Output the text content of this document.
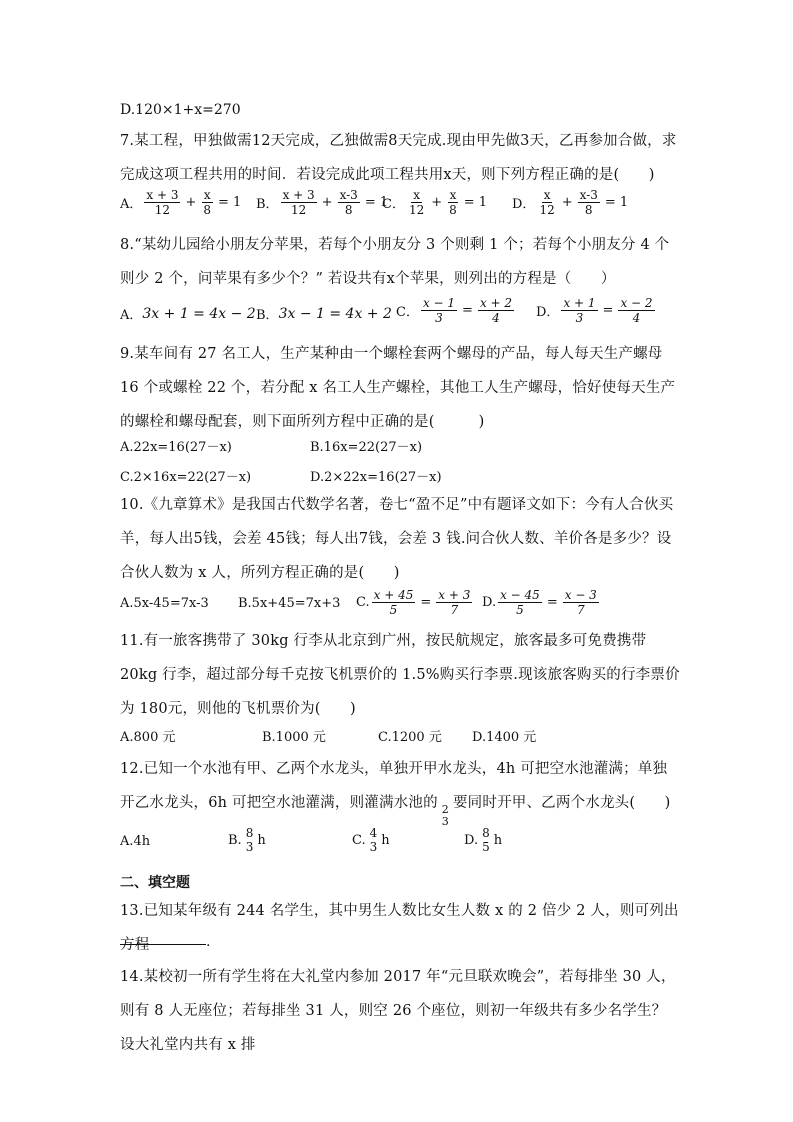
D.120×1+x=270
7.某工程，甲独做需12天完成，乙独做需8天完成.现由甲先做3天，乙再参加合做，求完成这项工程共用的时间．若设完成此项工程共用x天，则下列方程正确的是(　　)
A． $\frac{x + 3}{12} + \frac{x}{8} = 1$ B． $\frac{x + 3}{12} + \frac{x-3}{8} = 1$
C． $\frac{x}{12} + \frac{x}{8} = 1$ D． $\frac{x}{12} + \frac{x-3}{8} = 1$
8.“某幼儿园给小朋友分苹果，若每个小朋友分 3 个则剩 1 个；若每个小朋友分 4 个则少 2 个，问苹果有多少个？” 若设共有x个苹果，则列出的方程是（　　）
A． 3x + 1 = 4x − 2 B． 3x − 1 = 4x + 2 C． $\frac{x - 1}{3} = \frac{x + 2}{4}$ D． $\frac{x + 1}{3} = \frac{x - 2}{4}$
9.某车间有 27 名工人，生产某种由一个螺栓套两个螺母的产品，每人每天生产螺母 16 个或螺栓 22 个，若分配 x 名工人生产螺栓，其他工人生产螺母，恰好使每天生产的螺栓和螺母配套，则下面所列方程中正确的是(　　　)
A.22x=16(27－x)	B.16x=22(27－x)
C.2×16x=22(27－x)	D.2×22x=16(27－x)
10.《九章算术》是我国古代数学名著，卷七“盈不足”中有题译文如下：今有人合伙买羊，每人出5钱，会差 45钱；每人出7钱，会差 3 钱.问合伙人数、羊价各是多少？设合伙人数为 x 人，所列方程正确的是(　　)
A.5x-45=7x-3 B.5x+45=7x+3 C. $\frac{x + 45}{5} = \frac{x + 3}{7} D$. $\frac{x - 45}{5} = \frac{x - 3}{7}$
11.有一旅客携带了 30kg 行李从北京到广州，按民航规定，旅客最多可免费携带 20kg 行李，超过部分每千克按飞机票价的 1.5%购买行李票.现该旅客购买的行李票价为 180元，则他的飞机票价为(　　)
A.800 元	B.1000 元	C.1200 元 D.1400 元
12.已知一个水池有甲、乙两个水龙头，单独开甲水龙头，4h 可把空水池灌满；单独开乙水龙头，6h 可把空水池灌满，则灌满水池的 2
3
要同时开甲、乙两个水龙头(　　)
A.4h	B. 8
3 h	C. 4
3 h	D. 8
5 h
二、填空题
13.已知某年级有 244 名学生，其中男生人数比女生人数 x 的 2 倍少 2 人，则可列出方程	.
14.某校初一所有学生将在大礼堂内参加 2017 年“元旦联欢晚会”，若每排坐 30 人，则有 8 人无座位；若每排坐 31 人，则空 26 个座位，则初一年级共有多少名学生？设大礼堂内共有 x 排
